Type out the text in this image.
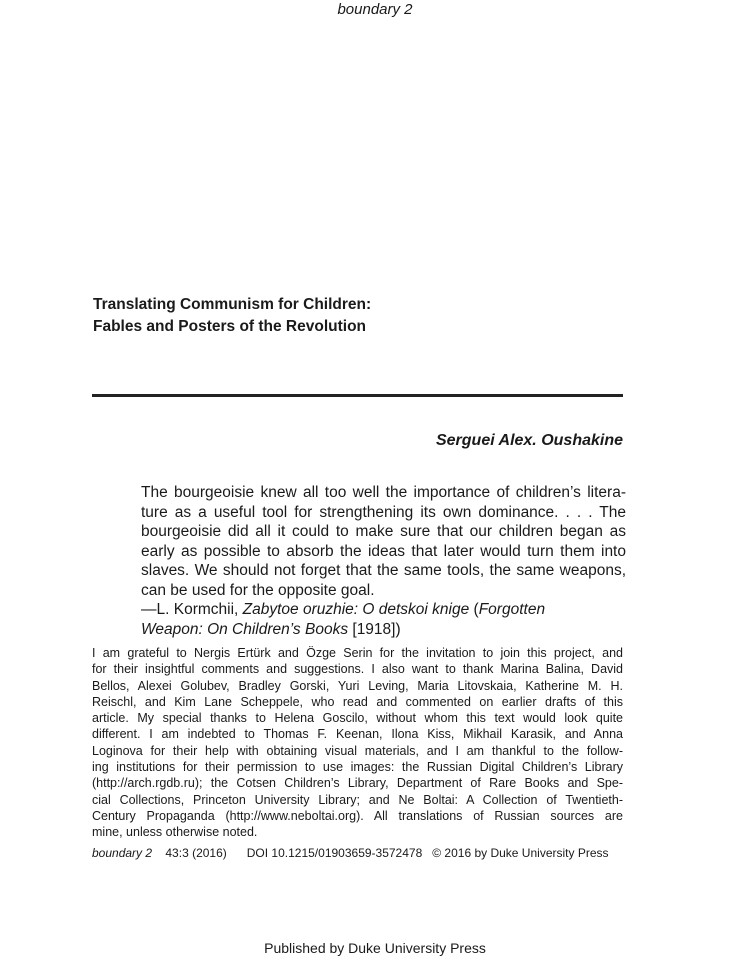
boundary 2
Translating Communism for Children:
Fables and Posters of the Revolution
Serguei Alex. Oushakine
The bourgeoisie knew all too well the importance of children’s litera-
ture as a useful tool for strengthening its own dominance. . . . The
bourgeoisie did all it could to make sure that our children began as
early as possible to absorb the ideas that later would turn them into
slaves. We should not forget that the same tools, the same weapons,
can be used for the opposite goal.
—L. Kormchii, Zabytoe oruzhie: O detskoi knige (Forgotten
Weapon: On Children’s Books [1918])
I am grateful to Nergis Ertürk and Özge Serin for the invitation to join this project, and
for their insightful comments and suggestions. I also want to thank Marina Balina, David
Bellos, Alexei Golubev, Bradley Gorski, Yuri Leving, Maria Litovskaia, Katherine M. H.
Reischl, and Kim Lane Scheppele, who read and commented on earlier drafts of this
article. My special thanks to Helena Goscilo, without whom this text would look quite
different. I am indebted to Thomas F. Keenan, Ilona Kiss, Mikhail Karasik, and Anna
Loginova for their help with obtaining visual materials, and I am thankful to the follow-
ing institutions for their permission to use images: the Russian Digital Children’s Library
(http://arch.rgdb.ru); the Cotsen Children’s Library, Department of Rare Books and Spe-
cial Collections, Princeton University Library; and Ne Boltai: A Collection of Twentieth-
Century Propaganda (http://www.neboltai.org). All translations of Russian sources are
mine, unless otherwise noted.
boundary 2 43:3 (2016) DOI 10.1215/01903659-3572478 © 2016 by Duke University Press
Published by Duke University Press
